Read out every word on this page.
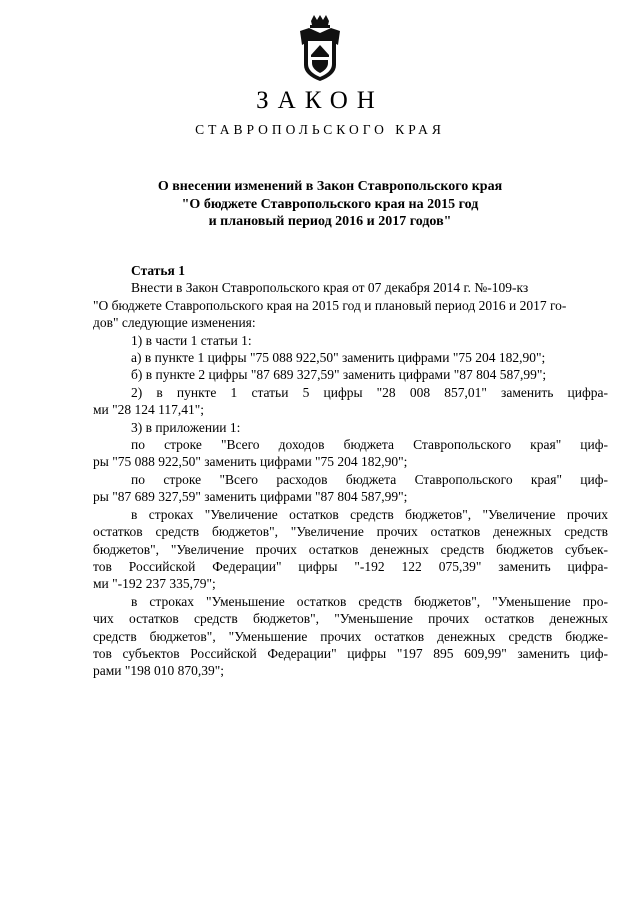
ЗАКОН
СТАВРОПОЛЬСКОГО КРАЯ
О внесении изменений в Закон Ставропольского края
"О бюджете Ставропольского края на 2015 год
и плановый период 2016 и 2017 годов"
Статья 1
Внести в Закон Ставропольского края от 07 декабря 2014 г. №-109-кз
"О бюджете Ставропольского края на 2015 год и плановый период 2016 и 2017 го-
дов" следующие изменения:
1) в части 1 статьи 1:
а) в пункте 1 цифры "75 088 922,50" заменить цифрами "75 204 182,90";
б) в пункте 2 цифры "87 689 327,59" заменить цифрами "87 804 587,99";
2) в пункте 1 статьи 5 цифры "28 008 857,01" заменить цифра-
ми "28 124 117,41";
3) в приложении 1:
по строке "Всего доходов бюджета Ставропольского края" циф-
ры "75 088 922,50" заменить цифрами "75 204 182,90";
по строке "Всего расходов бюджета Ставропольского края" циф-
ры "87 689 327,59" заменить цифрами "87 804 587,99";
в строках "Увеличение остатков средств бюджетов", "Увеличение прочих
остатков средств бюджетов", "Увеличение прочих остатков денежных средств
бюджетов", "Увеличение прочих остатков денежных средств бюджетов субъек-
тов Российской Федерации" цифры "-192 122 075,39" заменить цифра-
ми "-192 237 335,79";
в строках "Уменьшение остатков средств бюджетов", "Уменьшение про-
чих остатков средств бюджетов", "Уменьшение прочих остатков денежных
средств бюджетов", "Уменьшение прочих остатков денежных средств бюдже-
тов субъектов Российской Федерации" цифры "197 895 609,99" заменить циф-
рами "198 010 870,39";
